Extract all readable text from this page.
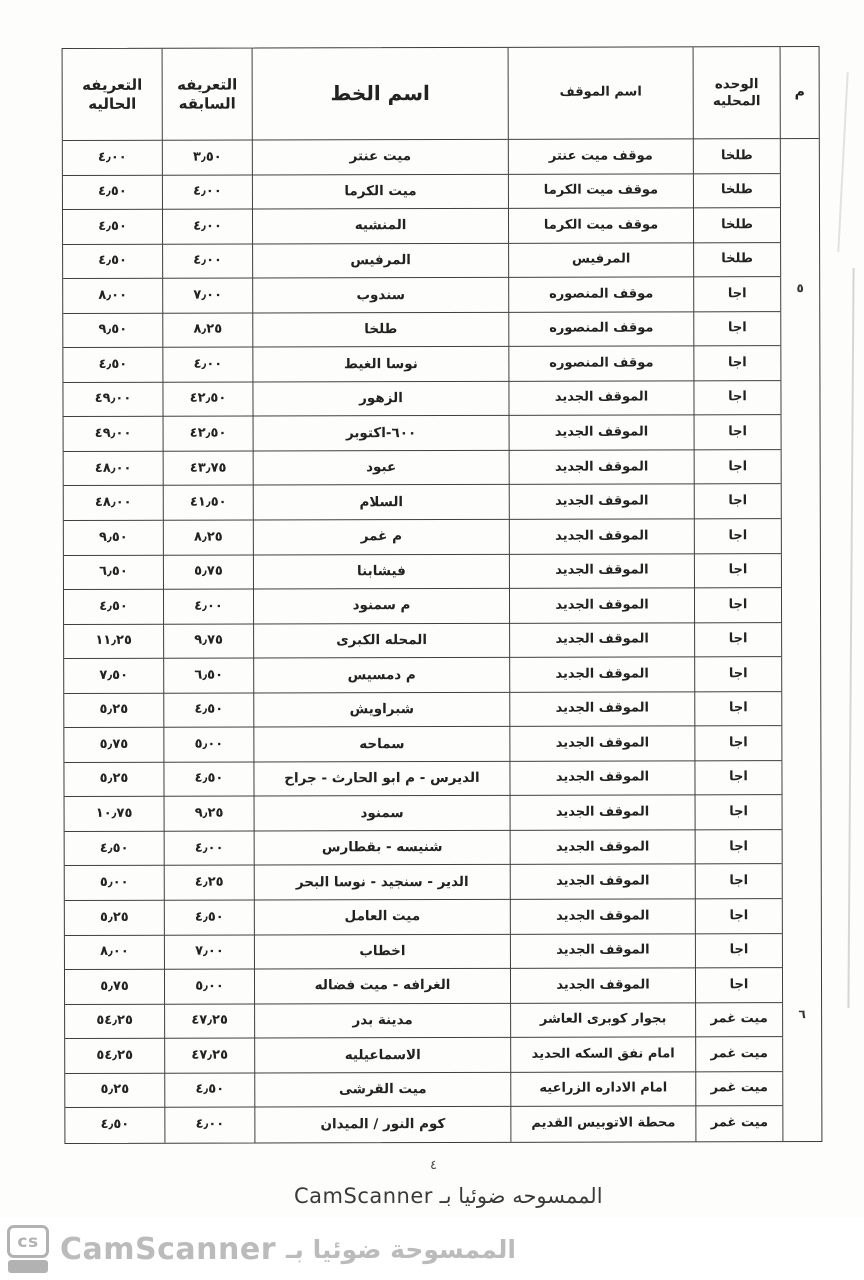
م
الوحده المحليه
اسم الموقف
اسم الخط
التعريفه
السابقه
التعريفه
الحاليه
طلخا
موقف ميت عنتر
ميت عنتر
٣٫٥٠
٤٫٠٠
طلخا
موقف ميت الكرما
ميت الكرما
٤٫٠٠
٤٫٥٠
طلخا
موقف ميت الكرما
المنشيه
٤٫٠٠
٤٫٥٠
طلخا
المرفيس
المرفيس
٤٫٠٠
٤٫٥٠
٥
اجا
موقف المنصوره
سندوب
٧٫٠٠
٨٫٠٠
اجا
موقف المنصوره
طلخا
٨٫٢٥
٩٫٥٠
اجا
موقف المنصوره
نوسا الغيط
٤٫٠٠
٤٫٥٠
اجا
الموقف الجديد
الزهور
٤٢٫٥٠
٤٩٫٠٠
اجا
الموقف الجديد
٦٠٠-اكتوبر
٤٢٫٥٠
٤٩٫٠٠
اجا
الموقف الجديد
عبود
٤٣٫٧٥
٤٨٫٠٠
اجا
الموقف الجديد
السلام
٤١٫٥٠
٤٨٫٠٠
اجا
الموقف الجديد
م غمر
٨٫٢٥
٩٫٥٠
اجا
الموقف الجديد
فيشابنا
٥٫٧٥
٦٫٥٠
اجا
الموقف الجديد
م سمنود
٤٫٠٠
٤٫٥٠
اجا
الموقف الجديد
المحله الكبرى
٩٫٧٥
١١٫٢٥
اجا
الموقف الجديد
م دمسيس
٦٫٥٠
٧٫٥٠
اجا
الموقف الجديد
شبراويش
٤٫٥٠
٥٫٢٥
اجا
الموقف الجديد
سماحه
٥٫٠٠
٥٫٧٥
اجا
الموقف الجديد
الديرس - م ابو الحارث - جراح
٤٫٥٠
٥٫٢٥
اجا
الموقف الجديد
سمنود
٩٫٢٥
١٠٫٧٥
اجا
الموقف الجديد
شنيسه - بقطارس
٤٫٠٠
٤٫٥٠
اجا
الموقف الجديد
الدير - سنجيد - نوسا البحر
٤٫٢٥
٥٫٠٠
اجا
الموقف الجديد
ميت العامل
٤٫٥٠
٥٫٢٥
اجا
الموقف الجديد
اخطاب
٧٫٠٠
٨٫٠٠
اجا
الموقف الجديد
الغرافه - ميت فضاله
٥٫٠٠
٥٫٧٥
٦
ميت غمر
بجوار كوبرى العاشر
مدينة بدر
٤٧٫٢٥
٥٤٫٢٥
ميت غمر
امام نفق السكه الحديد
الاسماعيليه
٤٧٫٢٥
٥٤٫٢٥
ميت غمر
امام الاداره الزراعيه
ميت القرشى
٤٫٥٠
٥٫٢٥
ميت غمر
محطة الاتوبيس القديم
كوم النور / الميدان
٤٫٠٠
٤٫٥٠
٤
الممسوحه ضوئيا بـ CamScanner
cs CamScanner الممسوحة ضوئيا بـ
